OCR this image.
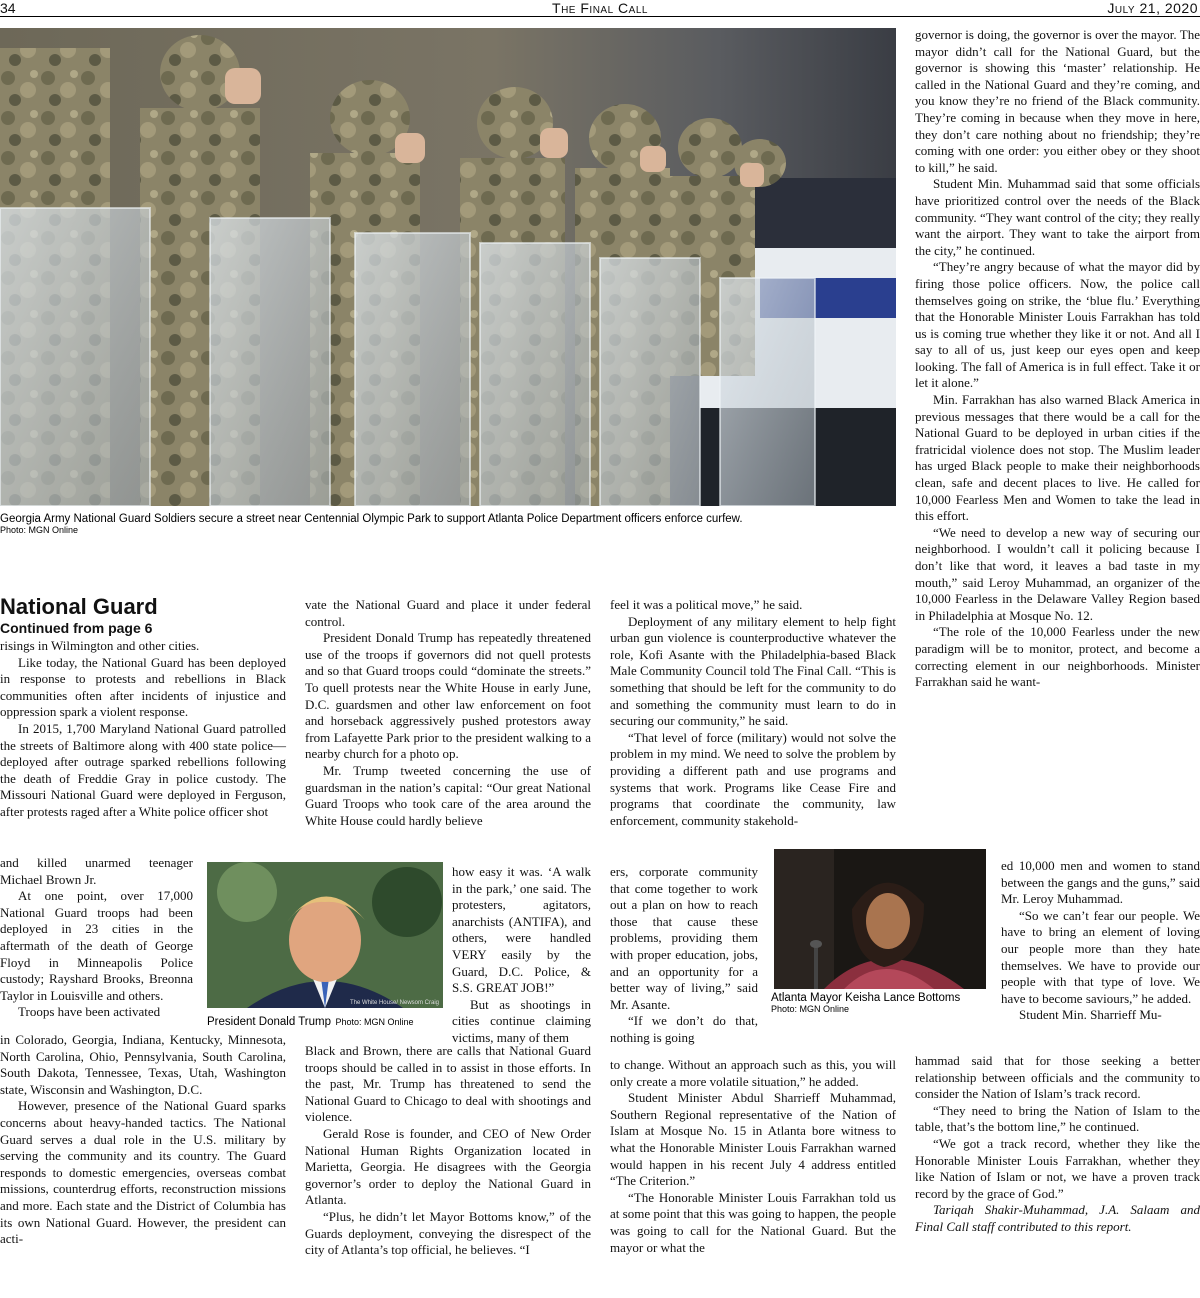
34	The Final Call	July 21, 2020
Georgia Army National Guard Soldiers secure a street near Centennial Olympic Park to support Atlanta Police Department officers enforce curfew.
Photo: MGN Online
National Guard
Continued from page 6

risings in Wilmington and other cities.

Like today, the National Guard has been deployed in response to protests and rebellions in Black communities often after incidents of injustice and oppression spark a violent response.

In 2015, 1,700 Maryland National Guard patrolled the streets of Baltimore along with 400 state police—deployed after outrage sparked rebellions following the death of Freddie Gray in police custody. The Missouri National Guard were deployed in Ferguson, after protests raged after a White police officer shot

and killed unarmed teenager Michael Brown Jr.

At one point, over 17,000 National Guard troops had been deployed in 23 cities in the aftermath of the death of George Floyd in Minneapolis Police custody; Rayshard Brooks, Breonna Taylor in Louisville and others.

Troops have been activated

in Colorado, Georgia, Indiana, Kentucky, Minnesota, North Carolina, Ohio, Pennsylvania, South Carolina, South Dakota, Tennessee, Texas, Utah, Washington state, Wisconsin and Washington, D.C.

However, presence of the National Guard sparks concerns about heavy-handed tactics. The National Guard serves a dual role in the U.S. military by serving the community and its country. The Guard responds to domestic emergencies, overseas combat missions, counterdrug efforts, reconstruction missions and more. Each state and the District of Columbia has its own National Guard. However, the president can acti-

The White House/ Newsom Craig
President Donald Trump Photo: MGN Online

vate the National Guard and place it under federal control.

President Donald Trump has repeatedly threatened use of the troops if governors did not quell protests and so that Guard troops could “dominate the streets.” To quell protests near the White House in early June, D.C. guardsmen and other law enforcement on foot and horseback aggressively pushed protestors away from Lafayette Park prior to the president walking to a nearby church for a photo op.

Mr. Trump tweeted concerning the use of guardsman in the nation’s capital: “Our great National Guard Troops who took care of the area around the White House could hardly believe

how easy it was. ‘A walk in the park,’ one said. The protesters, agitators, anarchists (ANTIFA), and others, were handled VERY easily by the Guard, D.C. Police, & S.S. GREAT JOB!”

But as shootings in cities continue claiming victims, many of them

Black and Brown, there are calls that National Guard troops should be called in to assist in those efforts. In the past, Mr. Trump has threatened to send the National Guard to Chicago to deal with shootings and violence.

Gerald Rose is founder, and CEO of New Order National Human Rights Organization located in Marietta, Georgia. He disagrees with the Georgia governor’s order to deploy the National Guard in Atlanta.

“Plus, he didn’t let Mayor Bottoms know,” of the Guards deployment, conveying the disrespect of the city of Atlanta’s top official, he believes. “I

feel it was a political move,” he said.

Deployment of any military element to help fight urban gun violence is counterproductive whatever the role, Kofi Asante with the Philadelphia-based Black Male Community Council told The Final Call. “This is something that should be left for the community to do and something the community must learn to do in securing our community,” he said.

“That level of force (military) would not solve the problem in my mind. We need to solve the problem by providing a different path and use programs and systems that work. Programs like Cease Fire and programs that coordinate the community, law enforcement, community stakehold-

ers, corporate community that come together to work out a plan on how to reach those that cause these problems, providing them with proper education, jobs, and an opportunity for a better way of living,” said Mr. Asante.

“If we don’t do that, nothing is going

to change. Without an approach such as this, you will only create a more volatile situation,” he added.

Student Minister Abdul Sharrieff Muhammad, Southern Regional representative of the Nation of Islam at Mosque No. 15 in Atlanta bore witness to what the Honorable Minister Louis Farrakhan warned would happen in his recent July 4 address entitled “The Criterion.”

“The Honorable Minister Louis Farrakhan told us at some point that this was going to happen, the people was going to call for the National Guard. But the mayor or what the

Atlanta Mayor Keisha Lance Bottoms
Photo: MGN Online

governor is doing, the governor is over the mayor. The mayor didn’t call for the National Guard, but the governor is showing this ‘master’ relationship. He called in the National Guard and they’re coming, and you know they’re no friend of the Black community. They’re coming in because when they move in here, they don’t care nothing about no friendship; they’re coming with one order: you either obey or they shoot to kill,” he said.

Student Min. Muhammad said that some officials have prioritized control over the needs of the Black community. “They want control of the city; they really want the airport. They want to take the airport from the city,” he continued.

“They’re angry because of what the mayor did by firing those police officers. Now, the police call themselves going on strike, the ‘blue flu.’ Everything that the Honorable Minister Louis Farrakhan has told us is coming true whether they like it or not. And all I say to all of us, just keep our eyes open and keep looking. The fall of America is in full effect. Take it or let it alone.”

Min. Farrakhan has also warned Black America in previous messages that there would be a call for the National Guard to be deployed in urban cities if the fratricidal violence does not stop. The Muslim leader has urged Black people to make their neighborhoods clean, safe and decent places to live. He called for 10,000 Fearless Men and Women to take the lead in this effort.

“We need to develop a new way of securing our neighborhood. I wouldn’t call it policing because I don’t like that word, it leaves a bad taste in my mouth,” said Leroy Muhammad, an organizer of the 10,000 Fearless in the Delaware Valley Region based in Philadelphia at Mosque No. 12.

“The role of the 10,000 Fearless under the new paradigm will be to monitor, protect, and become a correcting element in our neighborhoods. Minister Farrakhan said he want-

ed 10,000 men and women to stand between the gangs and the guns,” said Mr. Leroy Muhammad.

“So we can’t fear our people. We have to bring an element of loving our people more than they hate themselves. We have to provide our people with that type of love. We have to become saviours,” he added.

Student Min. Sharrieff Mu-

hammad said that for those seeking a better relationship between officials and the community to consider the Nation of Islam’s track record.

“They need to bring the Nation of Islam to the table, that’s the bottom line,” he continued.

“We got a track record, whether they like the Honorable Minister Louis Farrakhan, whether they like Nation of Islam or not, we have a proven track record by the grace of God.”

Tariqah Shakir-Muhammad, J.A. Salaam and Final Call staff contributed to this report.
